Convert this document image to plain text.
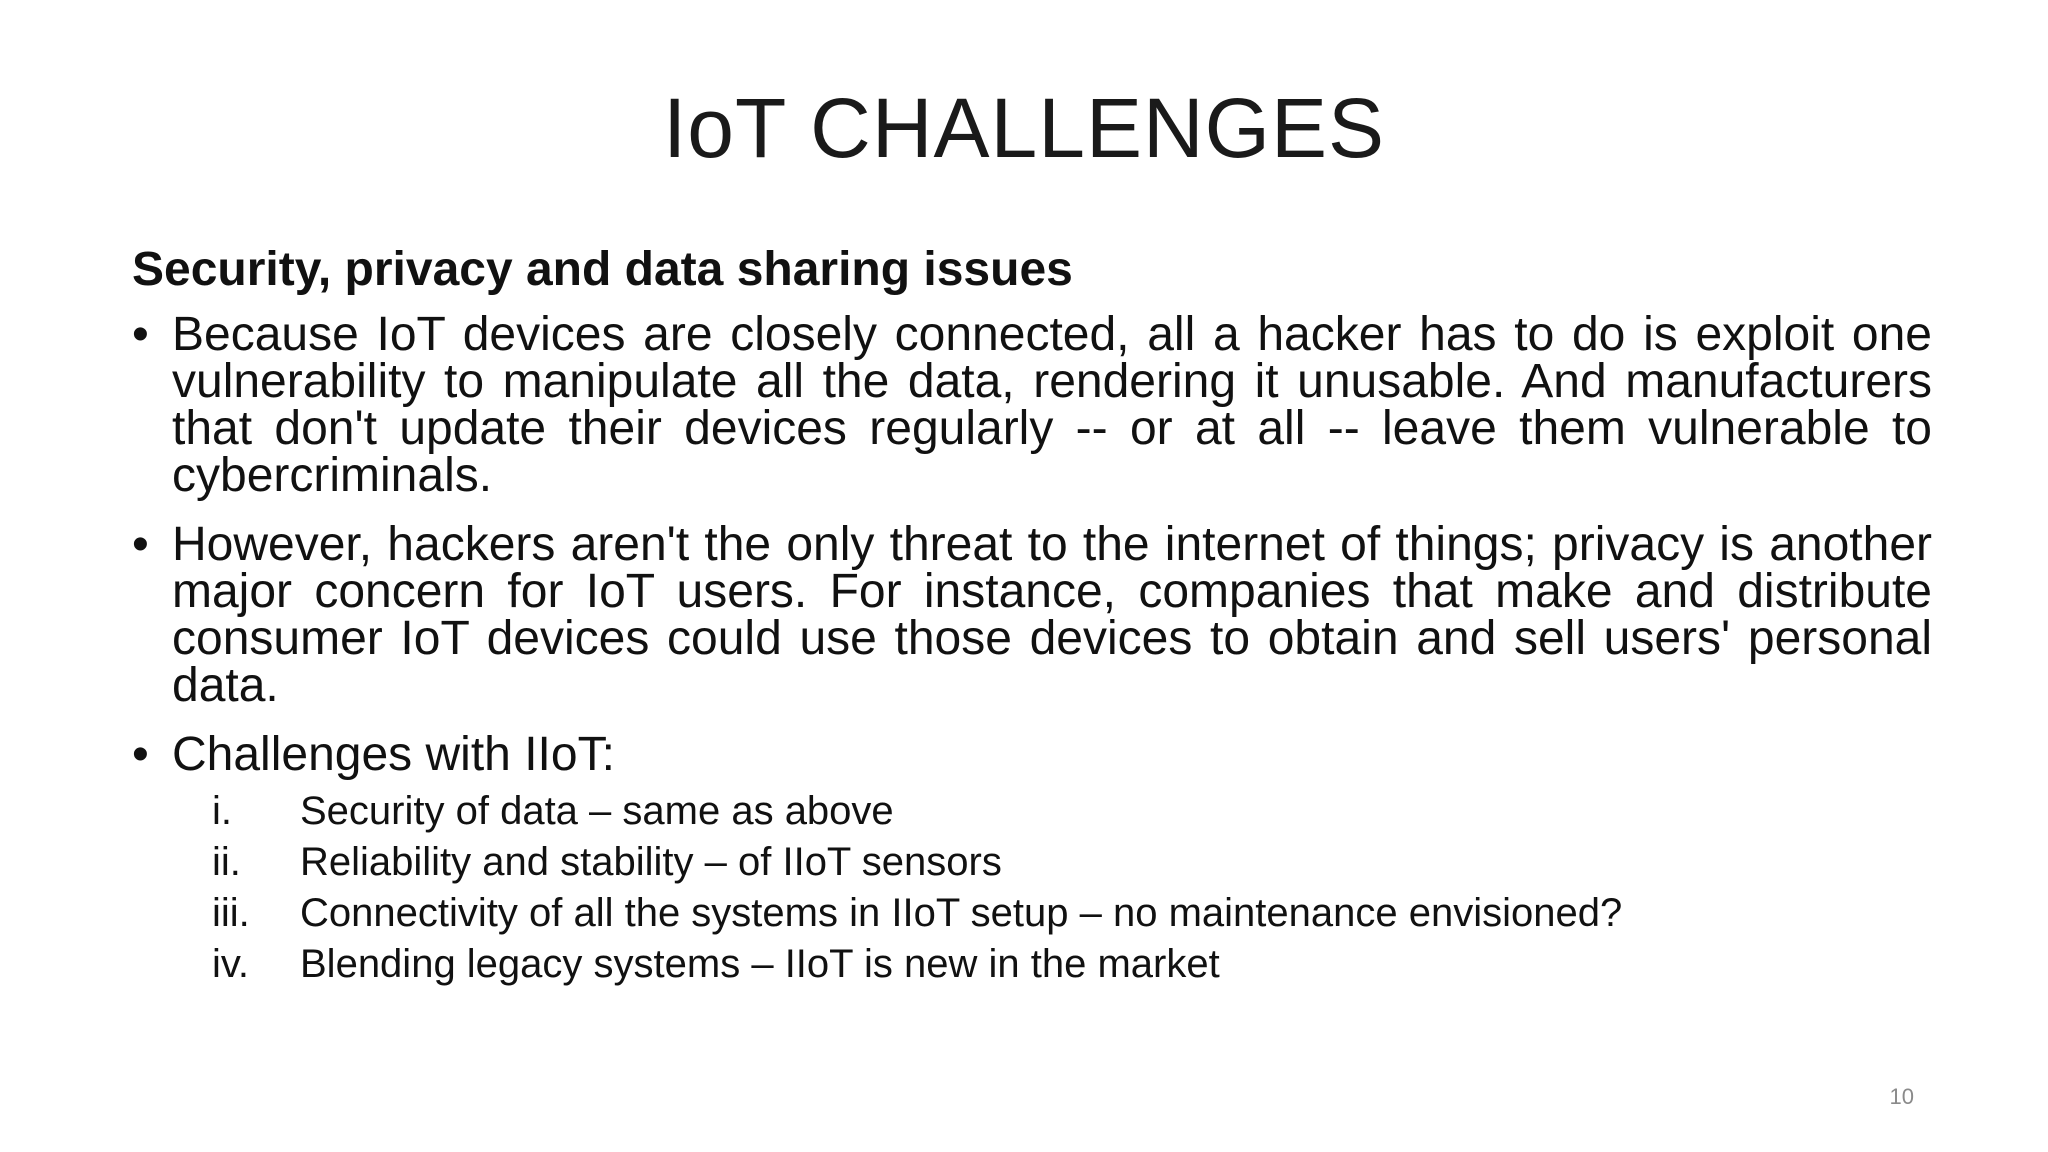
IoT CHALLENGES
Security, privacy and data sharing issues
• Because IoT devices are closely connected, all a hacker has to do is exploit one vulnerability to manipulate all the data, rendering it unusable. And manufacturers that don't update their devices regularly -- or at all -- leave them vulnerable to cybercriminals.
• However, hackers aren't the only threat to the internet of things; privacy is another major concern for IoT users. For instance, companies that make and distribute consumer IoT devices could use those devices to obtain and sell users' personal data.
• Challenges with IIoT:
i.	Security of data – same as above
ii.	Reliability and stability – of IIoT sensors
iii.	Connectivity of all the systems in IIoT setup – no maintenance envisioned?
iv.	Blending legacy systems – IIoT is new in the market
10
